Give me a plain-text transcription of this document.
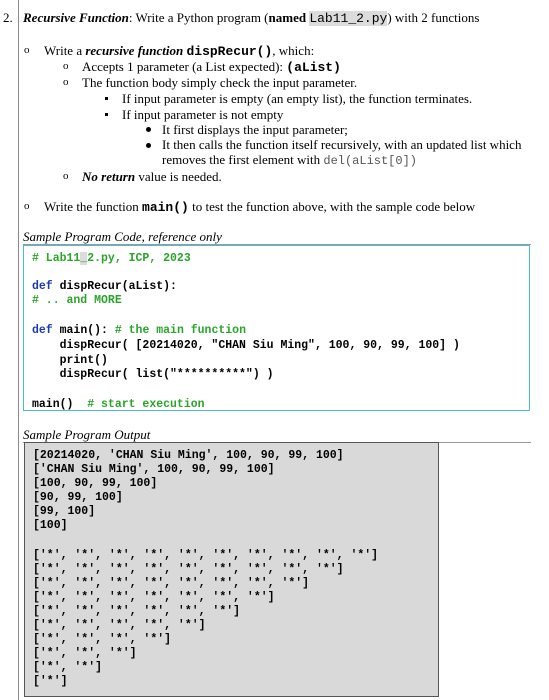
2. Recursive Function: Write a Python program (named Lab11_2.py) with 2 functions
o Write a recursive function dispRecur(), which:
o Accepts 1 parameter (a List expected): (aList)
o The function body simply check the input parameter.
If input parameter is empty (an empty list), the function terminates.
If input parameter is not empty
It first displays the input parameter;
It then calls the function itself recursively, with an updated list which
removes the first element with del(aList[0])
o No return value is needed.
o Write the function main() to test the function above, with the sample code below
Sample Program Code, reference only
# Lab11_2.py, ICP, 2023
def dispRecur(aList):
# .. and MORE
def main(): # the main function
dispRecur( [20214020, "CHAN Siu Ming", 100, 90, 99, 100] )
print()
dispRecur( list("**********") )
main()  # start execution
Sample Program Output
[20214020, 'CHAN Siu Ming', 100, 90, 99, 100]
['CHAN Siu Ming', 100, 90, 99, 100]
[100, 90, 99, 100]
[90, 99, 100]
[99, 100]
[100]
['*', '*', '*', '*', '*', '*', '*', '*', '*', '*']
['*', '*', '*', '*', '*', '*', '*', '*', '*']
['*', '*', '*', '*', '*', '*', '*', '*']
['*', '*', '*', '*', '*', '*', '*']
['*', '*', '*', '*', '*', '*']
['*', '*', '*', '*', '*']
['*', '*', '*', '*']
['*', '*', '*']
['*', '*']
['*']
